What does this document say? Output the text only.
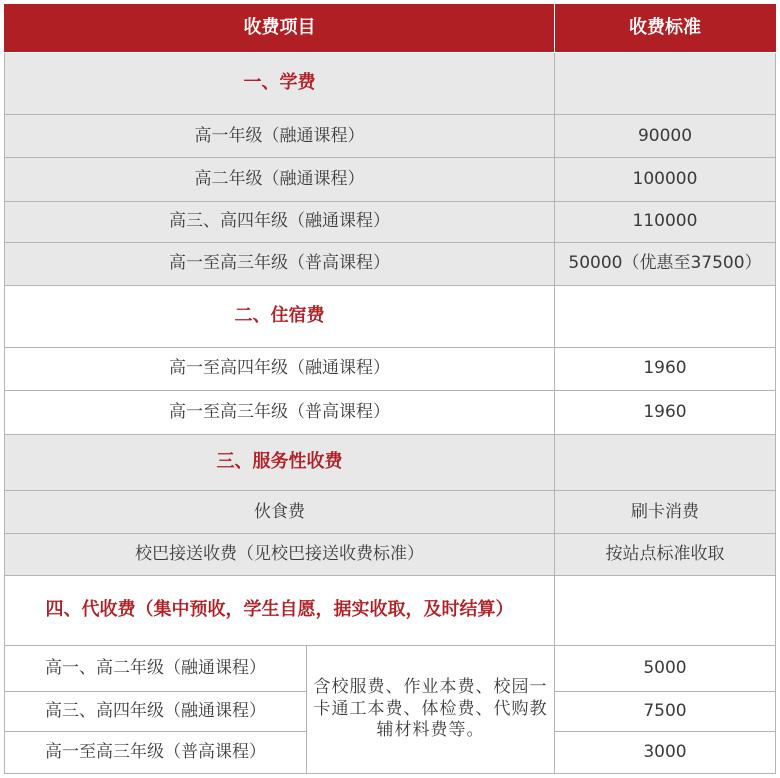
收费项目		收费标准
一、学费		
高一年级（融通课程）		90000
高二年级（融通课程）		100000
高三、高四年级（融通课程）		110000
高一至高三年级（普高课程）		50000（优惠至37500）
二、住宿费		
高一至高四年级（融通课程）		1960
高一至高三年级（普高课程）		1960
三、服务性收费		
伙食费		刷卡消费
校巴接送收费（见校巴接送收费标准）		按站点标准收取
四、代收费（集中预收，学生自愿，据实收取，及时结算）		
高一、高二年级（融通课程）	含校服费、作业本费、校园一卡通工本费、体检费、代购教辅材料费等。	5000
高三、高四年级（融通课程）		7500
高一至高三年级（普高课程）		3000
